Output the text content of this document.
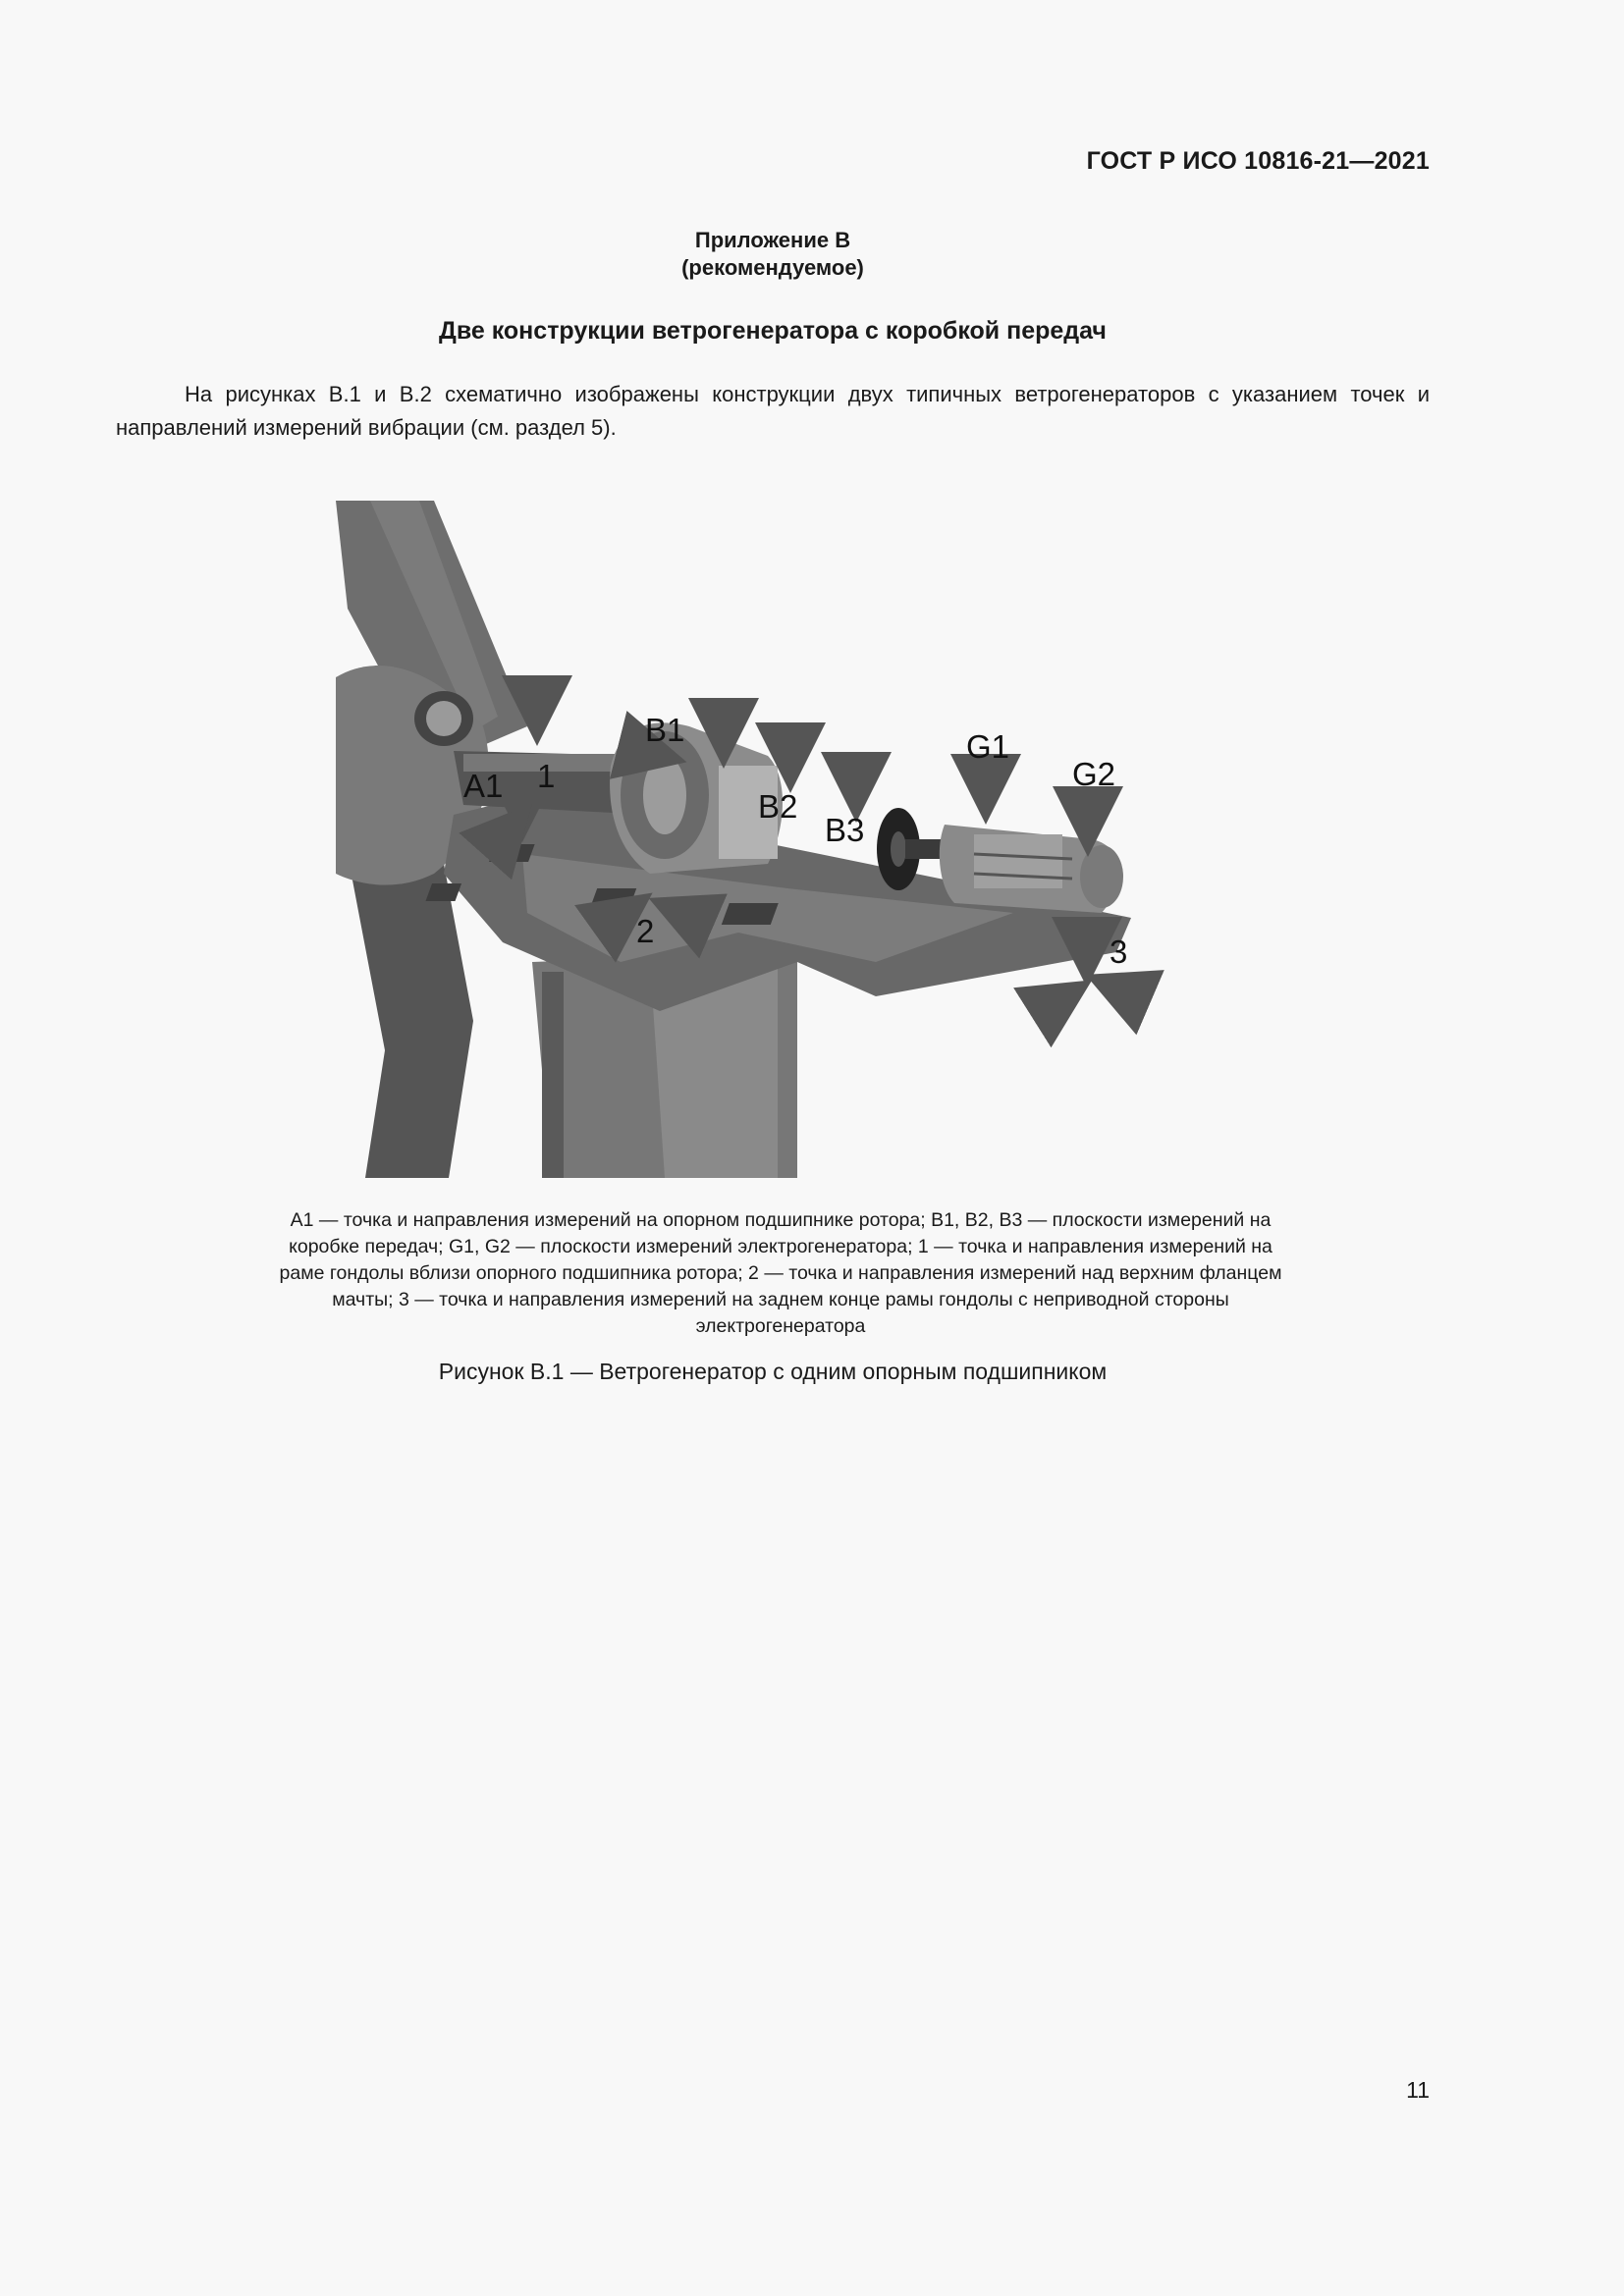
ГОСТ Р ИСО 10816-21—2021
Приложение В
(рекомендуемое)
Две конструкции ветрогенератора с коробкой передач

На рисунках В.1 и В.2 схематично изображены конструкции двух типичных ветрогенераторов с указанием точек и направлений измерений вибрации (см. раздел 5).

B1
A1 1
B2
B3
G1
G2
2
3

А1 — точка и направления измерений на опорном подшипнике ротора; В1, В2, В3 — плоскости измерений на коробке передач; G1, G2 — плоскости измерений электрогенератора; 1 — точка и направления измерений на раме гондолы вблизи опорного подшипника ротора; 2 — точка и направления измерений над верхним фланцем мачты; 3 — точка и направления измерений на заднем конце рамы гондолы с неприводной стороны электрогенератора

Рисунок В.1 — Ветрогенератор с одним опорным подшипником
11
